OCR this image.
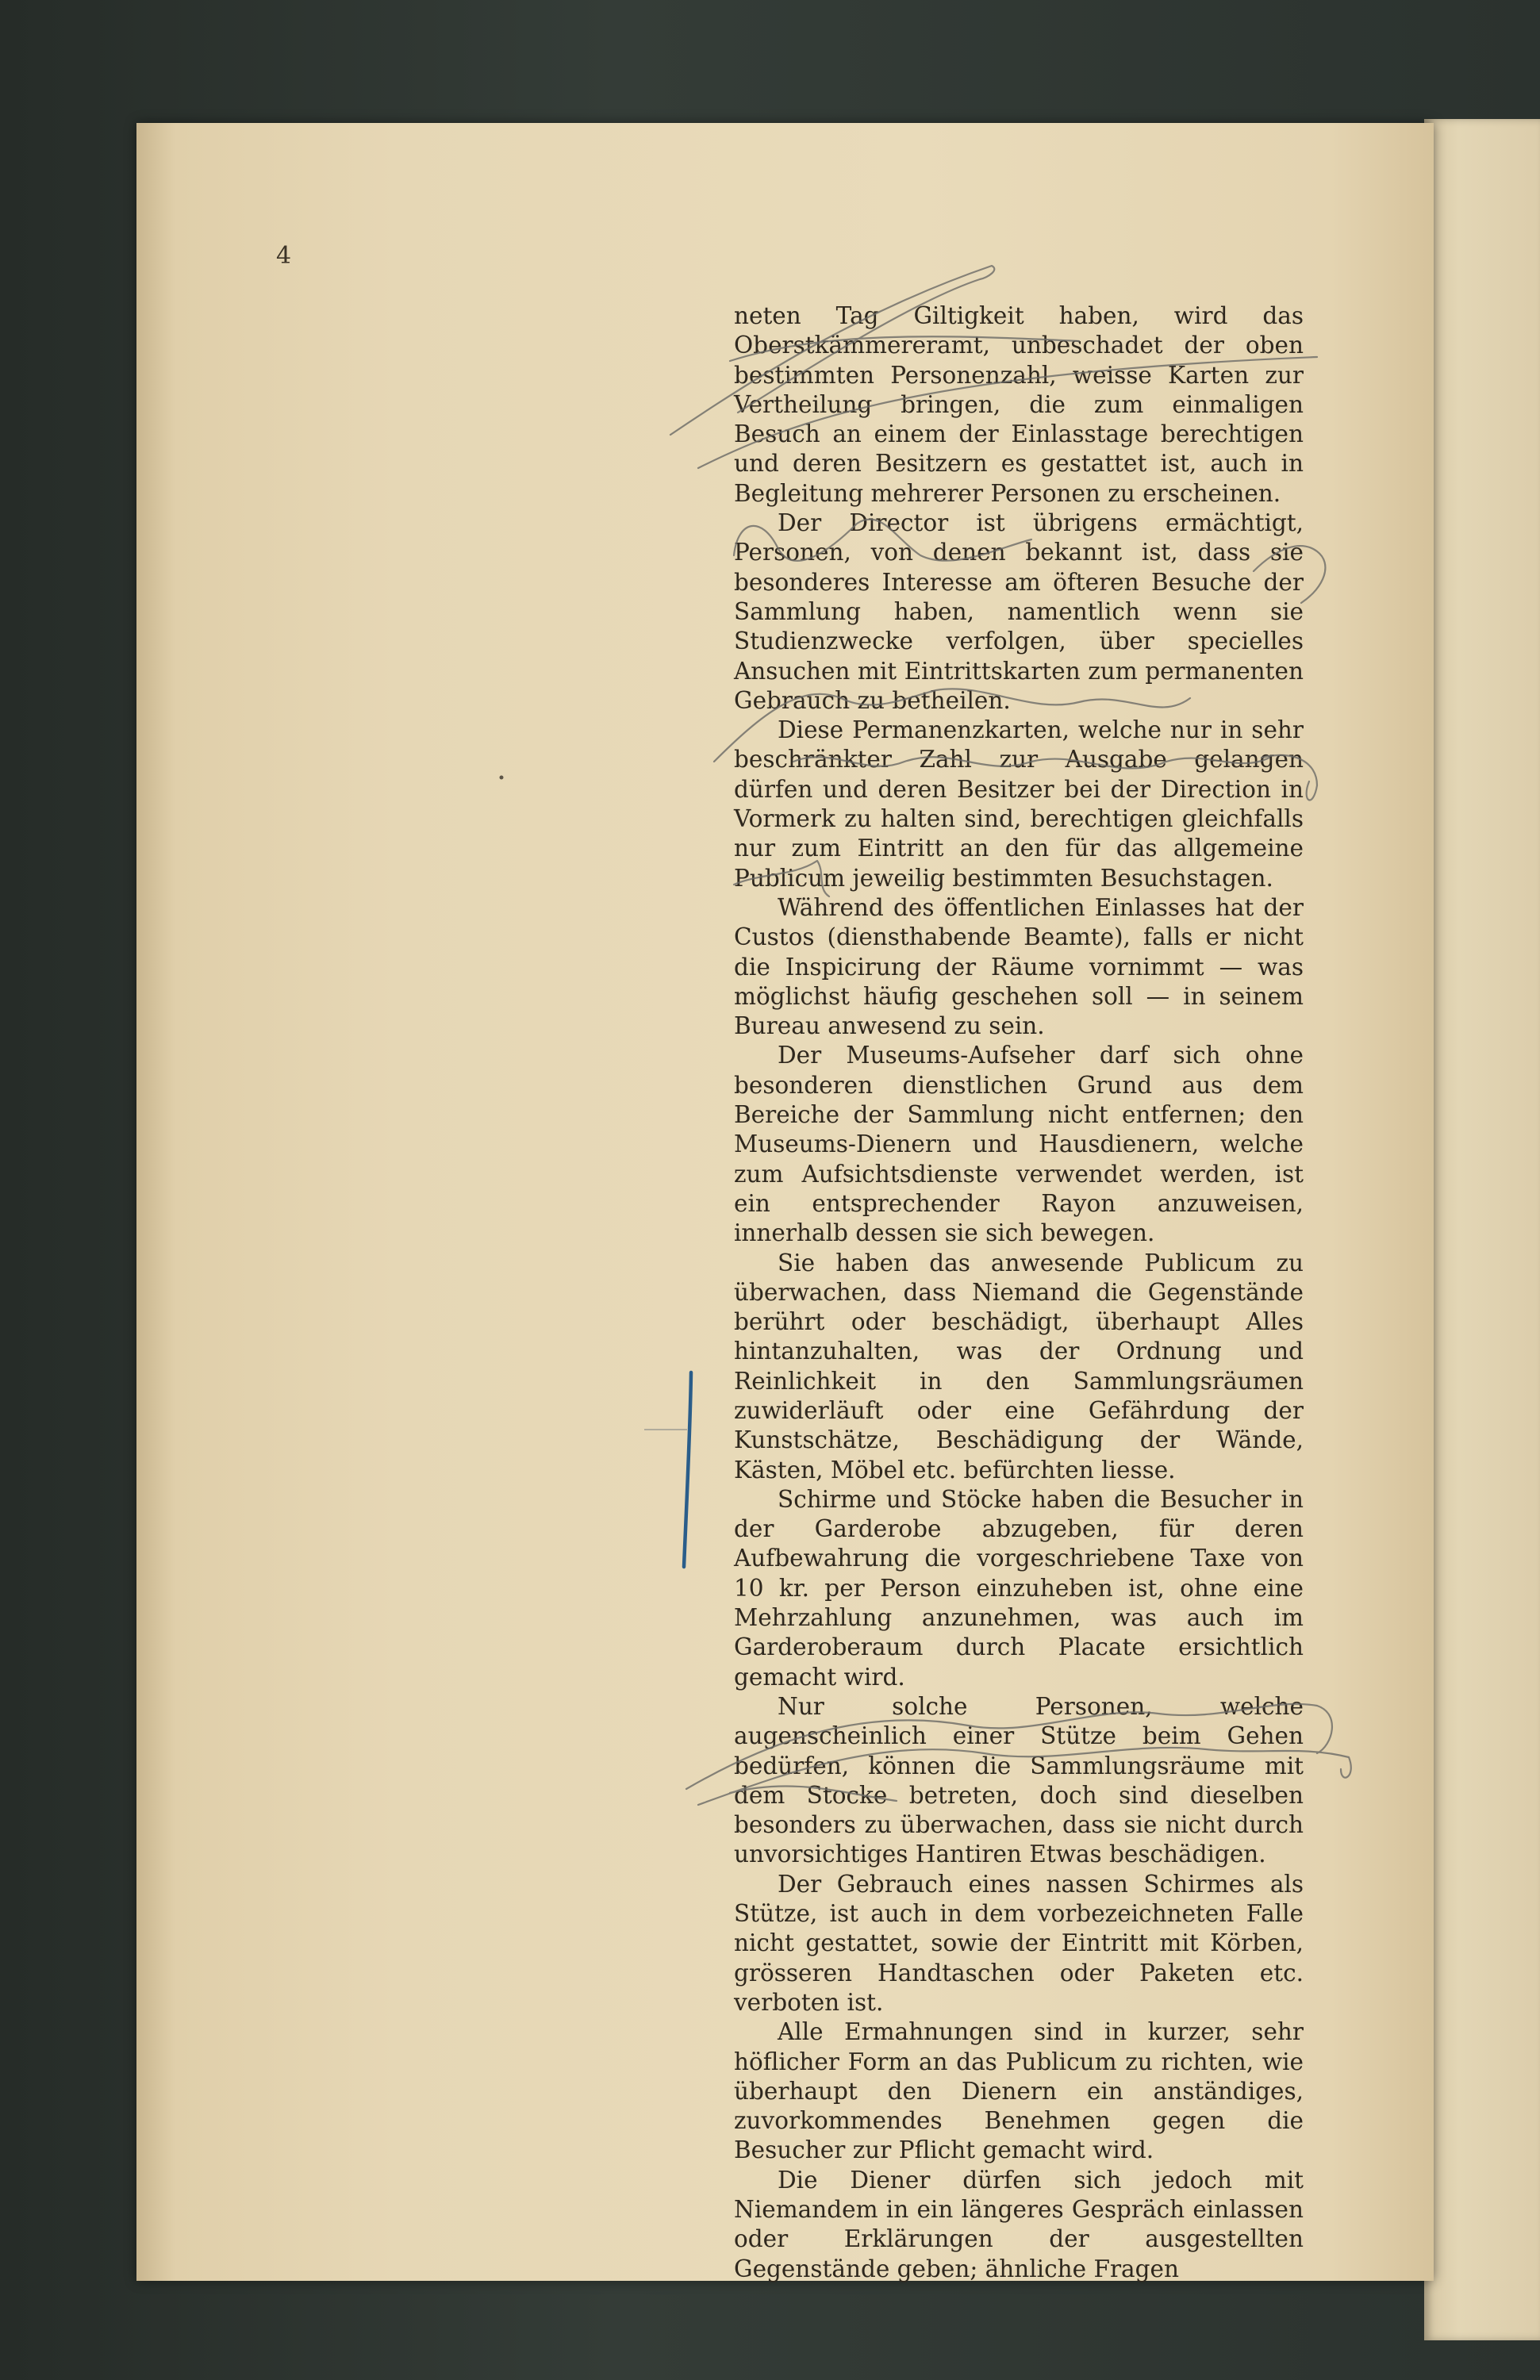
4

neten Tag Giltigkeit haben, wird das Oberstkämmereramt, unbeschadet der oben bestimmten Personenzahl, weisse Karten zur Vertheilung bringen, die zum einmaligen Besuch an einem der Einlasstage berechtigen und deren Besitzern es gestattet ist, auch in Begleitung mehrerer Personen zu erscheinen.

Der Director ist übrigens ermächtigt, Personen, von denen bekannt ist, dass sie besonderes Interesse am öfteren Besuche der Sammlung haben, namentlich wenn sie Studienzwecke verfolgen, über specielles Ansuchen mit Eintrittskarten zum permanenten Gebrauch zu betheilen.

Diese Permanenzkarten, welche nur in sehr beschränkter Zahl zur Ausgabe gelangen dürfen und deren Besitzer bei der Direction in Vormerk zu halten sind, berechtigen gleichfalls nur zum Eintritt an den für das allgemeine Publicum jeweilig bestimmten Besuchstagen.

Während des öffentlichen Einlasses hat der Custos (diensthabende Beamte), falls er nicht die Inspicirung der Räume vornimmt — was möglichst häufig geschehen soll — in seinem Bureau anwesend zu sein.

Der Museums-Aufseher darf sich ohne besonderen dienstlichen Grund aus dem Bereiche der Sammlung nicht entfernen; den Museums-Dienern und Hausdienern, welche zum Aufsichtsdienste verwendet werden, ist ein entsprechender Rayon anzuweisen, innerhalb dessen sie sich bewegen.

Sie haben das anwesende Publicum zu überwachen, dass Niemand die Gegenstände berührt oder beschädigt, überhaupt Alles hintanzuhalten, was der Ordnung und Reinlichkeit in den Sammlungsräumen zuwiderläuft oder eine Gefährdung der Kunstschätze, Beschädigung der Wände, Kästen, Möbel etc. befürchten liesse.

Schirme und Stöcke haben die Besucher in der Garderobe abzugeben, für deren Aufbewahrung die vorgeschriebene Taxe von 10 kr. per Person einzuheben ist, ohne eine Mehrzahlung anzunehmen, was auch im Garderoberaum durch Placate ersichtlich gemacht wird.

Nur solche Personen, welche augenscheinlich einer Stütze beim Gehen bedürfen, können die Sammlungsräume mit dem Stocke betreten, doch sind dieselben besonders zu überwachen, dass sie nicht durch unvorsichtiges Hantiren Etwas beschädigen.

Der Gebrauch eines nassen Schirmes als Stütze, ist auch in dem vorbezeichneten Falle nicht gestattet, sowie der Eintritt mit Körben, grösseren Handtaschen oder Paketen etc. verboten ist.

Alle Ermahnungen sind in kurzer, sehr höflicher Form an das Publicum zu richten, wie überhaupt den Dienern ein anständiges, zuvorkommendes Benehmen gegen die Besucher zur Pflicht gemacht wird.

Die Diener dürfen sich jedoch mit Niemandem in ein längeres Gespräch einlassen oder Erklärungen der ausgestellten Gegenstände geben; ähnliche Fragen
